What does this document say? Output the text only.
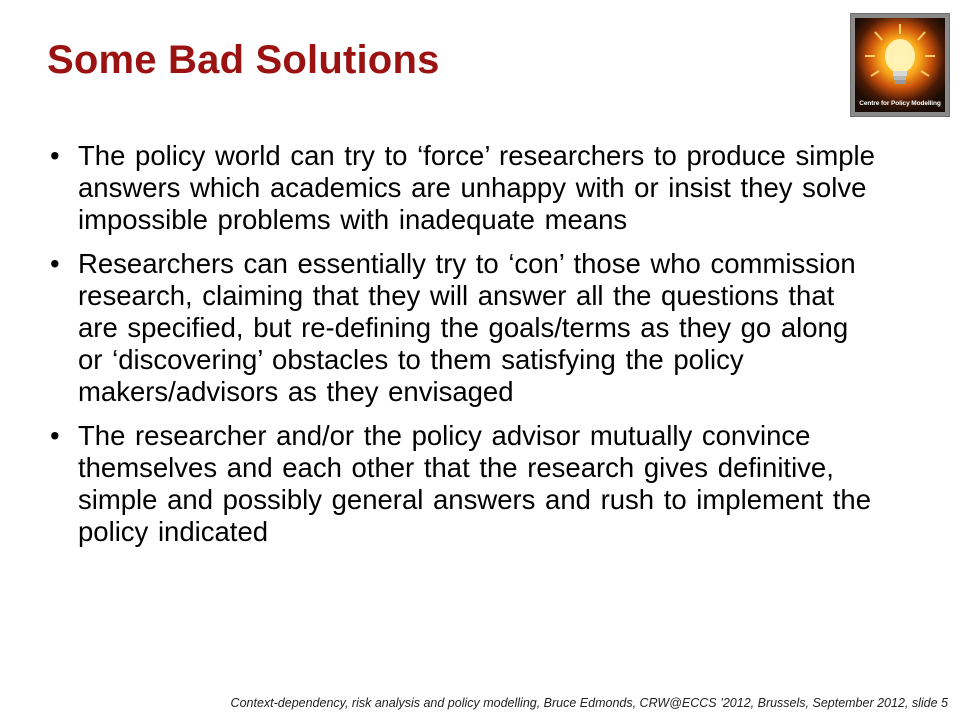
Some Bad Solutions
Centre for Policy Modelling
• The policy world can try to ‘force’ researchers to produce simple answers which academics are unhappy with or insist they solve impossible problems with inadequate means
• Researchers can essentially try to ‘con’ those who commission research, claiming that they will answer all the questions that are specified, but re-defining the goals/terms as they go along or ‘discovering’ obstacles to them satisfying the policy makers/advisors as they envisaged
• The researcher and/or the policy advisor mutually convince themselves and each other that the research gives definitive, simple and possibly general answers and rush to implement the policy indicated
Context-dependency, risk analysis and policy modelling, Bruce Edmonds, CRW@ECCS ’2012, Brussels, September 2012, slide 5
